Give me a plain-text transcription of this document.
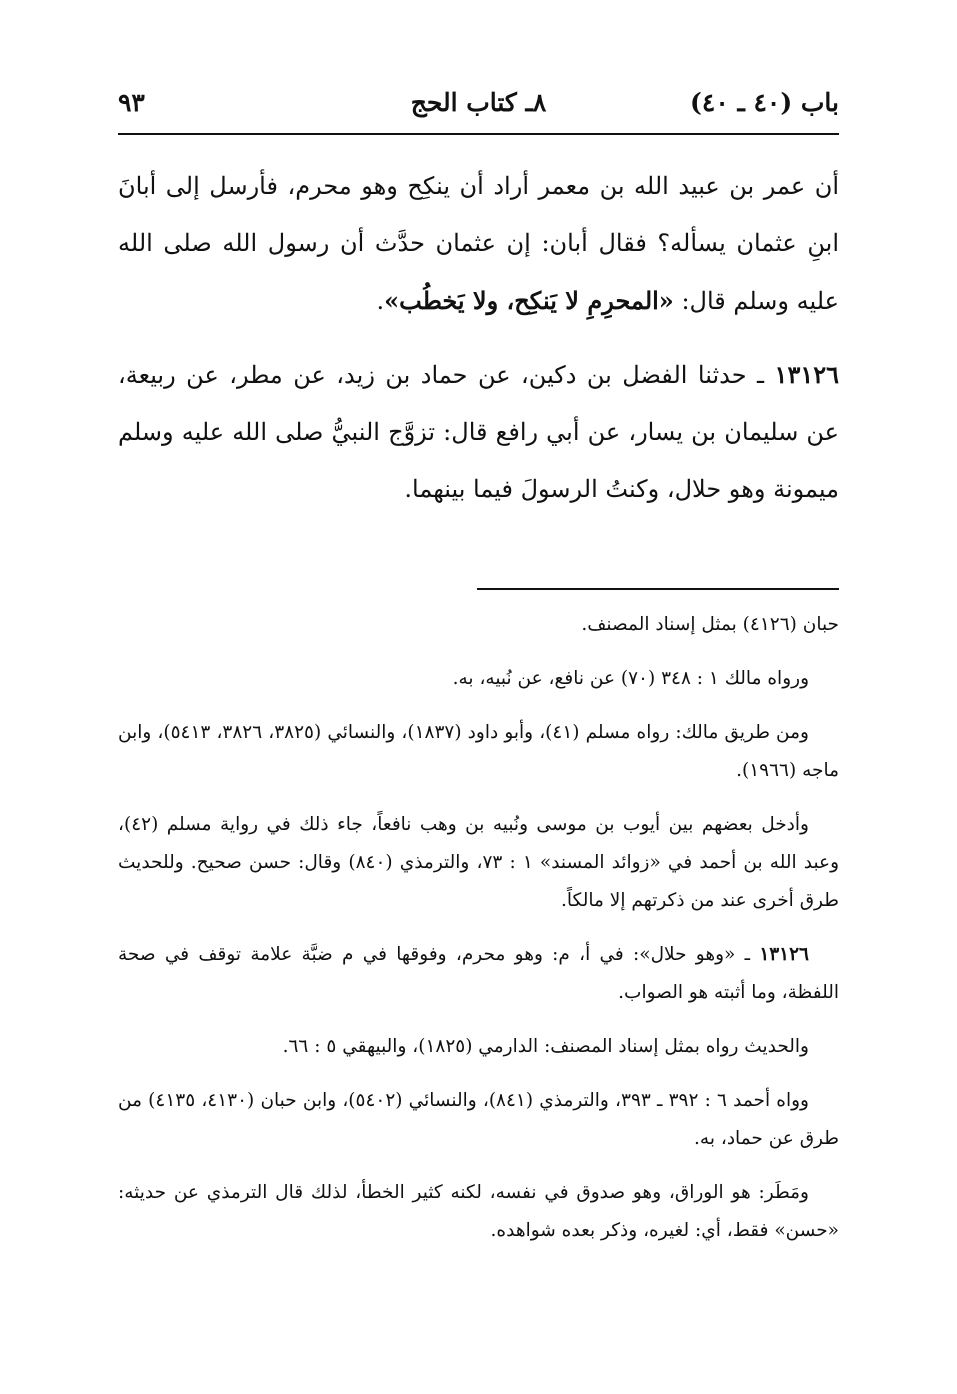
باب (٤٠ ـ ٤٠)
٨ـ كتاب الحج
٩٣

أن عمر بن عبيد الله بن معمر أراد أن ينكِح وهو محرم، فأرسل إلى أبانَ ابنِ عثمان يسأله؟ فقال أبان: إن عثمان حدَّث أن رسول الله صلى الله عليه وسلم قال: «المحرِمِ لا يَنكِح، ولا يَخطُب».

١٣١٢٦ ـ حدثنا الفضل بن دكين، عن حماد بن زيد، عن مطر، عن ربيعة، عن سليمان بن يسار، عن أبي رافع قال: تزوَّج النبيُّ صلى الله عليه وسلم ميمونة وهو حلال، وكنتُ الرسولَ فيما بينهما.

حبان (٤١٢٦) بمثل إسناد المصنف.

ورواه مالك ١ : ٣٤٨ (٧٠) عن نافع، عن نُبيه، به.

ومن طريق مالك: رواه مسلم (٤١)، وأبو داود (١٨٣٧)، والنسائي (٣٨٢٥، ٣٨٢٦، ٥٤١٣)، وابن ماجه (١٩٦٦).

وأدخل بعضهم بين أيوب بن موسى ونُبيه بن وهب نافعاً، جاء ذلك في رواية مسلم (٤٢)، وعبد الله بن أحمد في «زوائد المسند» ١ : ٧٣، والترمذي (٨٤٠) وقال: حسن صحيح. وللحديث طرق أخرى عند من ذكرتهم إلا مالكاً.

١٣١٢٦ ـ «وهو حلال»: في أ، م: وهو محرم، وفوقها في م ضبَّة علامة توقف في صحة اللفظة، وما أثبته هو الصواب.

والحديث رواه بمثل إسناد المصنف: الدارمي (١٨٢٥)، والبيهقي ٥ : ٦٦.

وواه أحمد ٦ : ٣٩٢ ـ ٣٩٣، والترمذي (٨٤١)، والنسائي (٥٤٠٢)، وابن حبان (٤١٣٠، ٤١٣٥) من طرق عن حماد، به.

ومَطَر: هو الوراق، وهو صدوق في نفسه، لكنه كثير الخطأ، لذلك قال الترمذي عن حديثه: «حسن» فقط، أي: لغيره، وذكر بعده شواهده.
